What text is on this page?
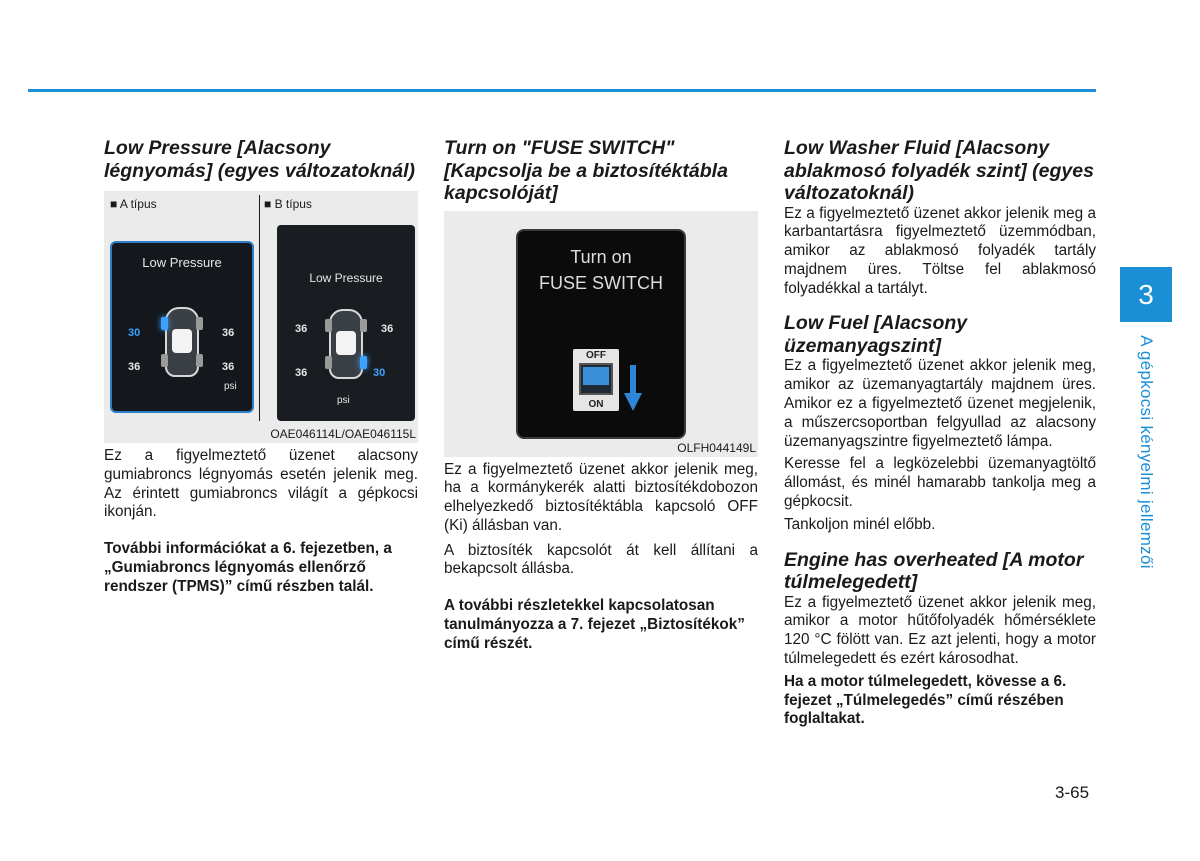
Low Pressure [Alacsony légnyomás] (egyes változatoknál)
■ A típus	■ B típus
Low Pressure
30	36
36	36
psi
Low Pressure
36	36
36	30
psi
OAE046114L/OAE046115L

Ez a figyelmeztető üzenet alacsony gumiabroncs légnyomás esetén jelenik meg. Az érintett gumiabroncs világít a gépkocsi ikonján.

További információkat a 6. fejezetben, a „Gumiabroncs légnyomás ellenőrző rendszer (TPMS)” című részben talál.

Turn on "FUSE SWITCH" [Kapcsolja be a biztosítéktábla kapcsolóját]
Turn on
FUSE SWITCH
OFF
ON
OLFH044149L

Ez a figyelmeztető üzenet akkor jelenik meg, ha a kormánykerék alatti biztosítékdobozon elhelyezkedő biztosítéktábla kapcsoló OFF (Ki) állásban van.

A biztosíték kapcsolót át kell állítani a bekapcsolt állásba.

A további részletekkel kapcsolatosan tanulmányozza a 7. fejezet „Biztosítékok” című részét.

Low Washer Fluid [Alacsony ablakmosó folyadék szint] (egyes változatoknál)

Ez a figyelmeztető üzenet akkor jelenik meg a karbantartásra figyelmeztető üzemmódban, amikor az ablakmosó folyadék tartály majdnem üres. Töltse fel ablakmosó folyadékkal a tartályt.

Low Fuel [Alacsony üzemanyagszint]

Ez a figyelmeztető üzenet akkor jelenik meg, amikor az üzemanyagtartály majdnem üres. Amikor ez a figyelmeztető üzenet megjelenik, a műszercsoportban felgyullad az alacsony üzemanyagszintre figyelmeztető lámpa.

Keresse fel a legközelebbi üzemanyagtöltő állomást, és minél hamarabb tankolja meg a gépkocsit.

Tankoljon minél előbb.

Engine has overheated [A motor túlmelegedett]

Ez a figyelmeztető üzenet akkor jelenik meg, amikor a motor hűtőfolyadék hőmérséklete 120 °C fölött van. Ez azt jelenti, hogy a motor túlmelegedett és ezért károsodhat.

Ha a motor túlmelegedett, kövesse a 6. fejezet „Túlmelegedés” című részében foglaltakat.

3
A gépkocsi kényelmi jellemzői
3-65
